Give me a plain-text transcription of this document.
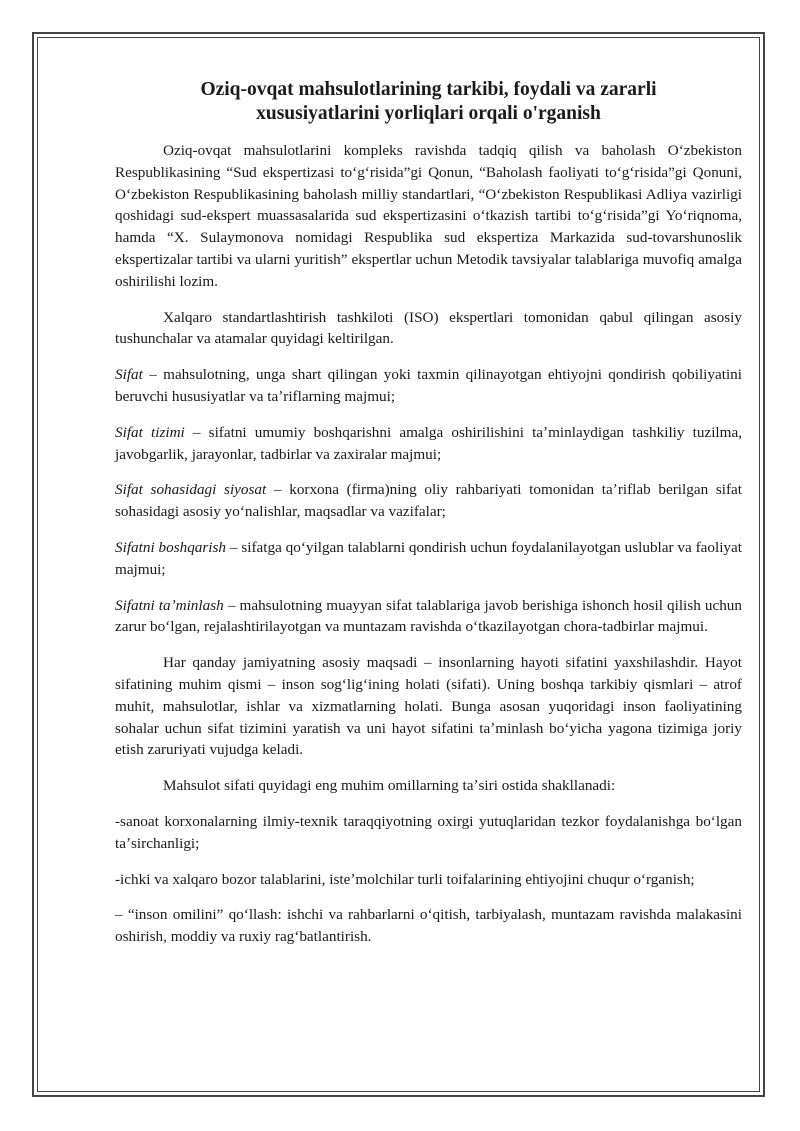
Oziq-ovqat mahsulotlarining tarkibi, foydali va zararli
xususiyatlarini yorliqlari orqali o'rganish

Oziq-ovqat mahsulotlarini kompleks ravishda tadqiq qilish va baholash Oʻzbekiston Respublikasining “Sud ekspertizasi toʻgʻrisida”gi Qonun, “Baholash faoliyati toʻgʻrisida”gi Qonuni, Oʻzbekiston Respublikasining baholash milliy standartlari, “Oʻzbekiston Respublikasi Adliya vazirligi qoshidagi sud-ekspert muassasalarida sud ekspertizasini oʻtkazish tartibi toʻgʻrisida”gi Yoʻriqnoma, hamda “X. Sulaymonova nomidagi Respublika sud ekspertiza Markazida sud-tovarshunoslik ekspertizalar tartibi va ularni yuritish” ekspertlar uchun Metodik tavsiyalar talablariga muvofiq amalga oshirilishi lozim.

Xalqaro standartlashtirish tashkiloti (ISO) ekspertlari tomonidan qabul qilingan asosiy tushunchalar va atamalar quyidagi keltirilgan.

Sifat – mahsulotning, unga shart qilingan yoki taxmin qilinayotgan ehtiyojni qondirish qobiliyatini beruvchi hususiyatlar va taʼriflarning majmui;

Sifat tizimi – sifatni umumiy boshqarishni amalga oshirilishini taʼminlaydigan tashkiliy tuzilma, javobgarlik, jarayonlar, tadbirlar va zaxiralar majmui;

Sifat sohasidagi siyosat – korxona (firma)ning oliy rahbariyati tomonidan taʼriflab berilgan sifat sohasidagi asosiy yoʻnalishlar, maqsadlar va vazifalar;

Sifatni boshqarish – sifatga qoʻyilgan talablarni qondirish uchun foydalanilayotgan uslublar va faoliyat majmui;

Sifatni taʼminlash – mahsulotning muayyan sifat talablariga javob berishiga ishonch hosil qilish uchun zarur boʻlgan, rejalashtirilayotgan va muntazam ravishda oʻtkazilayotgan chora-tadbirlar majmui.

Har qanday jamiyatning asosiy maqsadi – insonlarning hayoti sifatini yaxshilashdir. Hayot sifatining muhim qismi – inson sogʻligʻining holati (sifati). Uning boshqa tarkibiy qismlari – atrof muhit, mahsulotlar, ishlar va xizmatlarning holati. Bunga asosan yuqoridagi inson faoliyatining sohalar uchun sifat tizimini yaratish va uni hayot sifatini taʼminlash boʻyicha yagona tizimiga joriy etish zaruriyati vujudga keladi.

Mahsulot sifati quyidagi eng muhim omillarning taʼsiri ostida shakllanadi:

-sanoat korxonalarning ilmiy-texnik taraqqiyotning oxirgi yutuqlaridan tezkor foydalanishga boʻlgan taʼsirchanligi;

-ichki va xalqaro bozor talablarini, isteʼmolchilar turli toifalarining ehtiyojini chuqur oʻrganish;

– “inson omilini” qoʻllash: ishchi va rahbarlarni oʻqitish, tarbiyalash, muntazam ravishda malakasini oshirish, moddiy va ruxiy ragʻbatlantirish.
